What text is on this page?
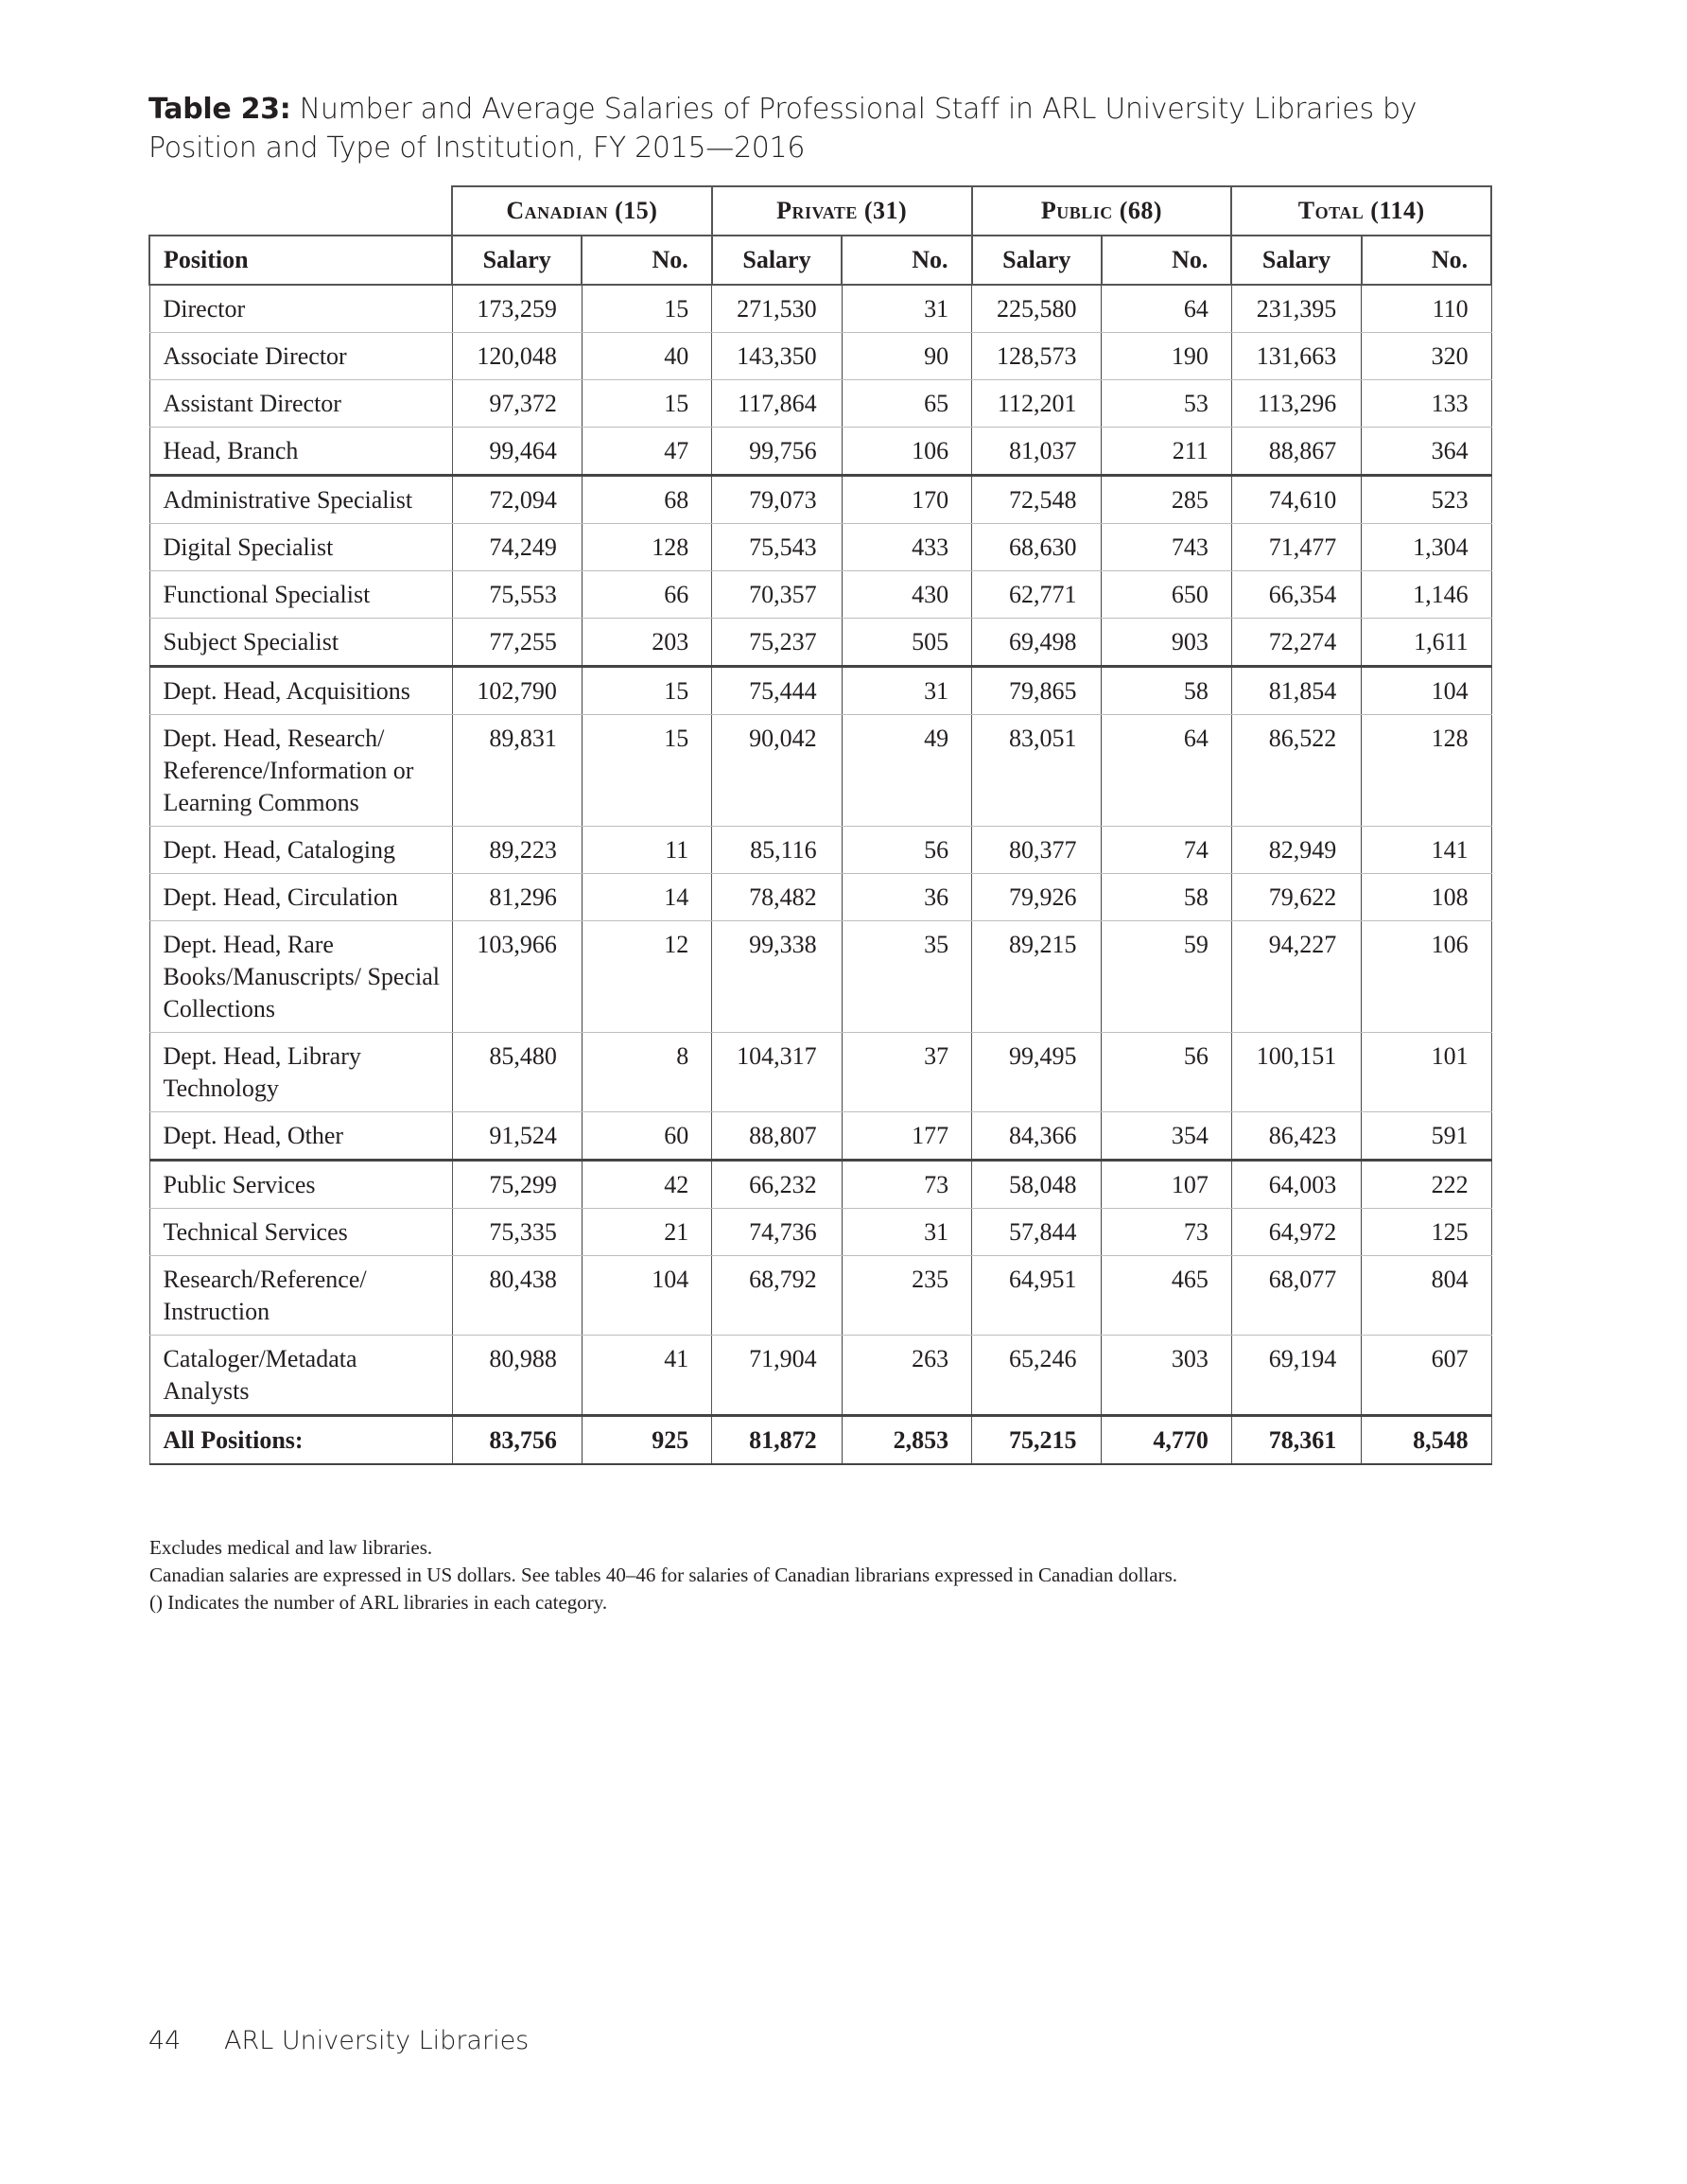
Table 23: Number and Average Salaries of Professional Staff in ARL University Libraries by Position and Type of Institution, FY 2015—2016
	Canadian (15)		Private (31)		Public (68)		Total (114)	
Position	Salary	No.	Salary	No.	Salary	No.	Salary	No.
Director	173,259	15	271,530	31	225,580	64	231,395	110
Associate Director	120,048	40	143,350	90	128,573	190	131,663	320
Assistant Director	97,372	15	117,864	65	112,201	53	113,296	133
Head, Branch	99,464	47	99,756	106	81,037	211	88,867	364
Administrative Specialist	72,094	68	79,073	170	72,548	285	74,610	523
Digital Specialist	74,249	128	75,543	433	68,630	743	71,477	1,304
Functional Specialist	75,553	66	70,357	430	62,771	650	66,354	1,146
Subject Specialist	77,255	203	75,237	505	69,498	903	72,274	1,611
Dept. Head, Acquisitions	102,790	15	75,444	31	79,865	58	81,854	104
Dept. Head, Research/ Reference/Information or Learning Commons	89,831	15	90,042	49	83,051	64	86,522	128
Dept. Head, Cataloging	89,223	11	85,116	56	80,377	74	82,949	141
Dept. Head, Circulation	81,296	14	78,482	36	79,926	58	79,622	108
Dept. Head, Rare Books/Manuscripts/ Special Collections	103,966	12	99,338	35	89,215	59	94,227	106
Dept. Head, Library Technology	85,480	8	104,317	37	99,495	56	100,151	101
Dept. Head, Other	91,524	60	88,807	177	84,366	354	86,423	591
Public Services	75,299	42	66,232	73	58,048	107	64,003	222
Technical Services	75,335	21	74,736	31	57,844	73	64,972	125
Research/Reference/ Instruction	80,438	104	68,792	235	64,951	465	68,077	804
Cataloger/Metadata Analysts	80,988	41	71,904	263	65,246	303	69,194	607
All Positions:	83,756	925	81,872	2,853	75,215	4,770	78,361	8,548
Excludes medical and law libraries.
Canadian salaries are expressed in US dollars. See tables 40–46 for salaries of Canadian librarians expressed in Canadian dollars.
() Indicates the number of ARL libraries in each category.
44 ARL University Libraries
